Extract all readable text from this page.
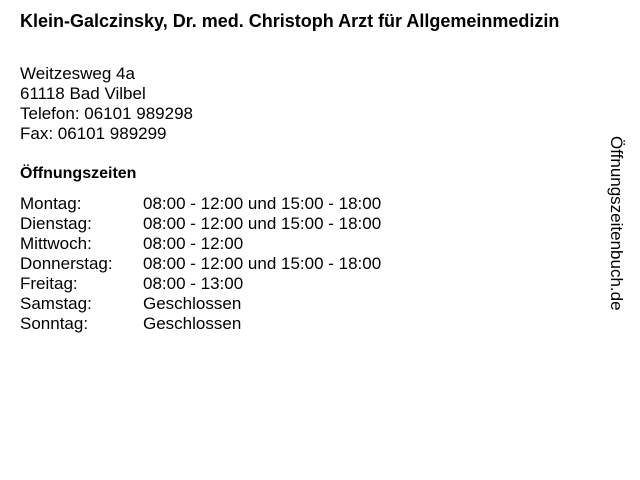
Klein-Galczinsky, Dr. med. Christoph Arzt für Allgemeinmedizin
Weitzesweg 4a
61118 Bad Vilbel
Telefon: 06101 989298
Fax: 06101 989299
Öffnungszeiten
Montag:	08:00 - 12:00 und 15:00 - 18:00
Dienstag:	08:00 - 12:00 und 15:00 - 18:00
Mittwoch:	08:00 - 12:00
Donnerstag:	08:00 - 12:00 und 15:00 - 18:00
Freitag:	08:00 - 13:00
Samstag:	Geschlossen
Sonntag:	Geschlossen
Öffnungszeitenbuch.de
